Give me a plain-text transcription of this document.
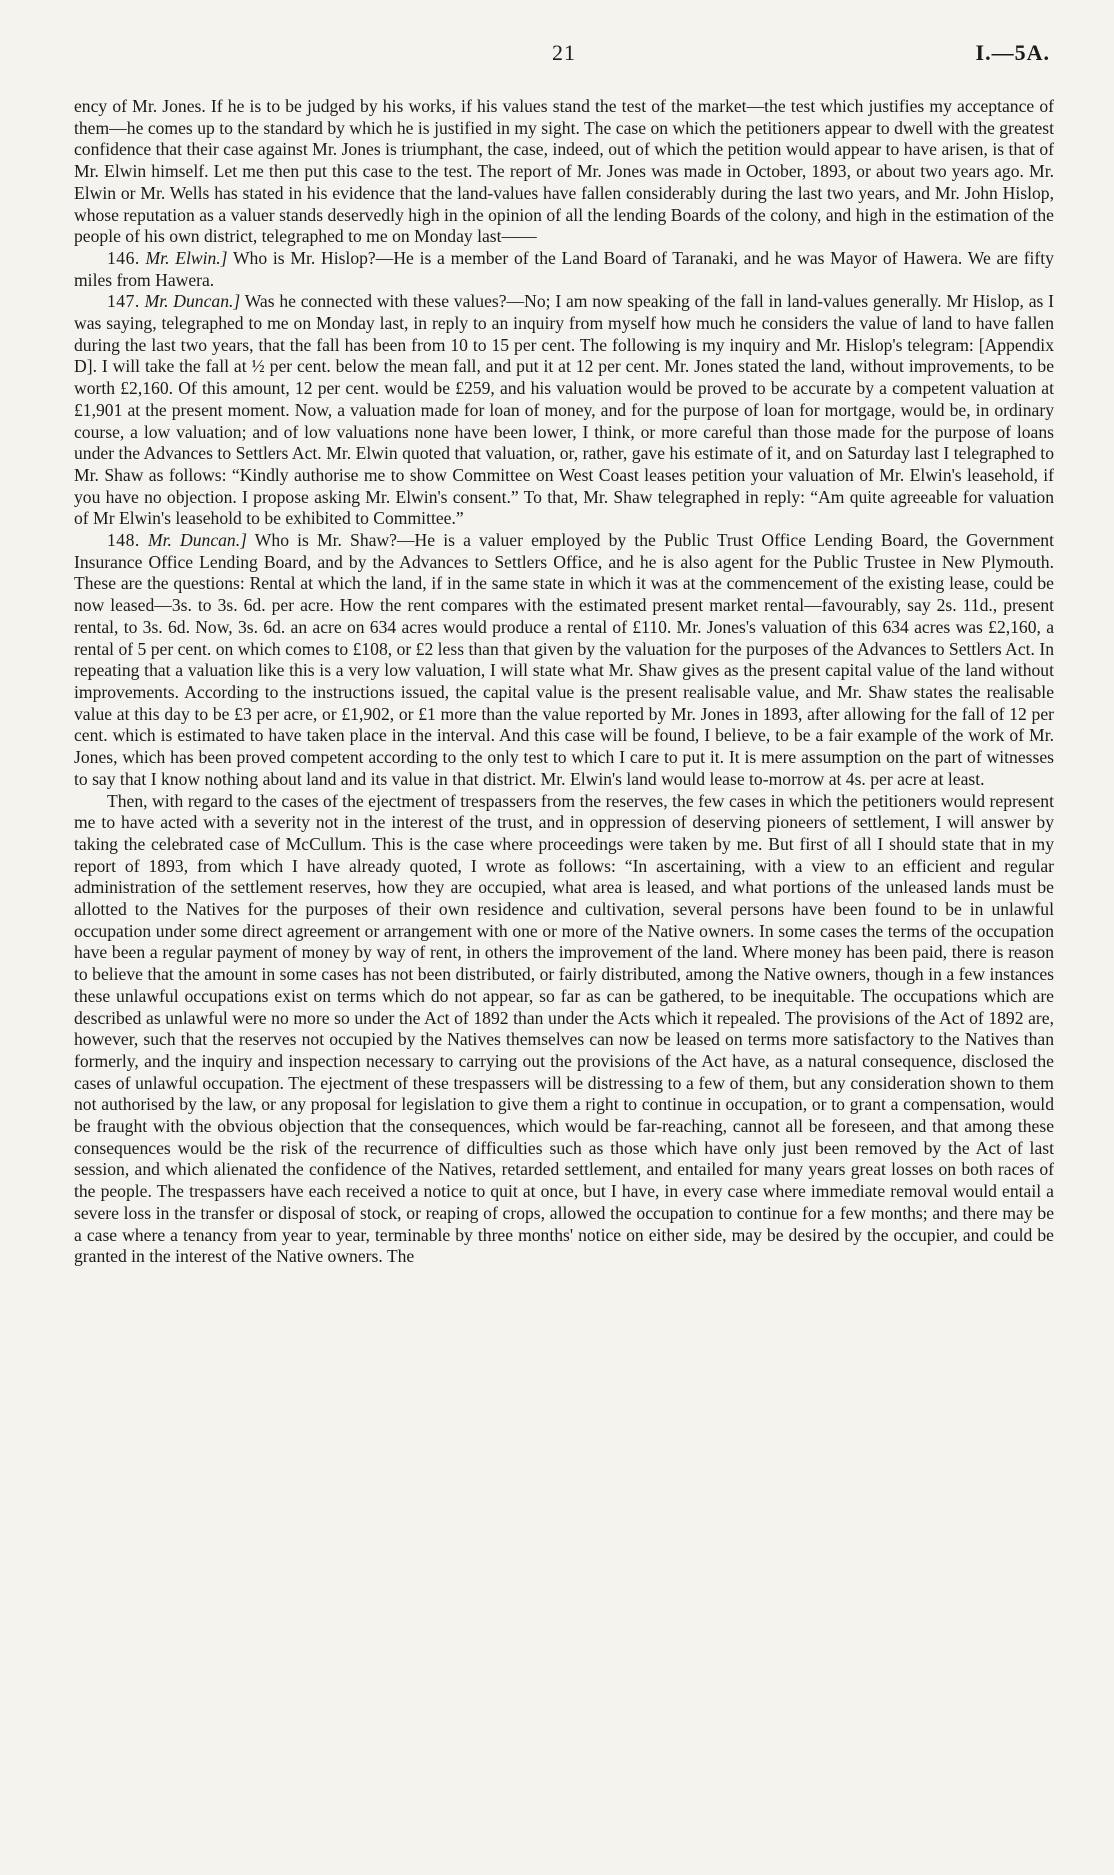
21	I.—5A.

ency of Mr. Jones. If he is to be judged by his works, if his values stand the test of the market—the test which justifies my acceptance of them—he comes up to the standard by which he is justified in my sight. The case on which the petitioners appear to dwell with the greatest confidence that their case against Mr. Jones is triumphant, the case, indeed, out of which the petition would appear to have arisen, is that of Mr. Elwin himself. Let me then put this case to the test. The report of Mr. Jones was made in October, 1893, or about two years ago. Mr. Elwin or Mr. Wells has stated in his evidence that the land-values have fallen considerably during the last two years, and Mr. John Hislop, whose reputation as a valuer stands deservedly high in the opinion of all the lending Boards of the colony, and high in the estimation of the people of his own district, telegraphed to me on Monday last——

146. Mr. Elwin.] Who is Mr. Hislop?—He is a member of the Land Board of Taranaki, and he was Mayor of Hawera. We are fifty miles from Hawera.

147. Mr. Duncan.] Was he connected with these values?—No; I am now speaking of the fall in land-values generally. Mr Hislop, as I was saying, telegraphed to me on Monday last, in reply to an inquiry from myself how much he considers the value of land to have fallen during the last two years, that the fall has been from 10 to 15 per cent. The following is my inquiry and Mr. Hislop's telegram: [Appendix D]. I will take the fall at ½ per cent. below the mean fall, and put it at 12 per cent. Mr. Jones stated the land, without improvements, to be worth £2,160. Of this amount, 12 per cent. would be £259, and his valuation would be proved to be accurate by a competent valuation at £1,901 at the present moment. Now, a valuation made for loan of money, and for the purpose of loan for mortgage, would be, in ordinary course, a low valuation; and of low valuations none have been lower, I think, or more careful than those made for the purpose of loans under the Advances to Settlers Act. Mr. Elwin quoted that valuation, or, rather, gave his estimate of it, and on Saturday last I telegraphed to Mr. Shaw as follows: “Kindly authorise me to show Committee on West Coast leases petition your valuation of Mr. Elwin's leasehold, if you have no objection. I propose asking Mr. Elwin's consent.” To that, Mr. Shaw telegraphed in reply: “Am quite agreeable for valuation of Mr Elwin's leasehold to be exhibited to Committee.”

148. Mr. Duncan.] Who is Mr. Shaw?—He is a valuer employed by the Public Trust Office Lending Board, the Government Insurance Office Lending Board, and by the Advances to Settlers Office, and he is also agent for the Public Trustee in New Plymouth. These are the questions: Rental at which the land, if in the same state in which it was at the commencement of the existing lease, could be now leased—3s. to 3s. 6d. per acre. How the rent compares with the estimated present market rental—favourably, say 2s. 11d., present rental, to 3s. 6d. Now, 3s. 6d. an acre on 634 acres would produce a rental of £110. Mr. Jones's valuation of this 634 acres was £2,160, a rental of 5 per cent. on which comes to £108, or £2 less than that given by the valuation for the purposes of the Advances to Settlers Act. In repeating that a valuation like this is a very low valuation, I will state what Mr. Shaw gives as the present capital value of the land without improvements. According to the instructions issued, the capital value is the present realisable value, and Mr. Shaw states the realisable value at this day to be £3 per acre, or £1,902, or £1 more than the value reported by Mr. Jones in 1893, after allowing for the fall of 12 per cent. which is estimated to have taken place in the interval. And this case will be found, I believe, to be a fair example of the work of Mr. Jones, which has been proved competent according to the only test to which I care to put it. It is mere assumption on the part of witnesses to say that I know nothing about land and its value in that district. Mr. Elwin's land would lease to-morrow at 4s. per acre at least.

Then, with regard to the cases of the ejectment of trespassers from the reserves, the few cases in which the petitioners would represent me to have acted with a severity not in the interest of the trust, and in oppression of deserving pioneers of settlement, I will answer by taking the celebrated case of McCullum. This is the case where proceedings were taken by me. But first of all I should state that in my report of 1893, from which I have already quoted, I wrote as follows: “In ascertaining, with a view to an efficient and regular administration of the settlement reserves, how they are occupied, what area is leased, and what portions of the unleased lands must be allotted to the Natives for the purposes of their own residence and cultivation, several persons have been found to be in unlawful occupation under some direct agreement or arrangement with one or more of the Native owners. In some cases the terms of the occupation have been a regular payment of money by way of rent, in others the improvement of the land. Where money has been paid, there is reason to believe that the amount in some cases has not been distributed, or fairly distributed, among the Native owners, though in a few instances these unlawful occupations exist on terms which do not appear, so far as can be gathered, to be inequitable. The occupations which are described as unlawful were no more so under the Act of 1892 than under the Acts which it repealed. The provisions of the Act of 1892 are, however, such that the reserves not occupied by the Natives themselves can now be leased on terms more satisfactory to the Natives than formerly, and the inquiry and inspection necessary to carrying out the provisions of the Act have, as a natural consequence, disclosed the cases of unlawful occupation. The ejectment of these trespassers will be distressing to a few of them, but any consideration shown to them not authorised by the law, or any proposal for legislation to give them a right to continue in occupation, or to grant a compensation, would be fraught with the obvious objection that the consequences, which would be far-reaching, cannot all be foreseen, and that among these consequences would be the risk of the recurrence of difficulties such as those which have only just been removed by the Act of last session, and which alienated the confidence of the Natives, retarded settlement, and entailed for many years great losses on both races of the people. The trespassers have each received a notice to quit at once, but I have, in every case where immediate removal would entail a severe loss in the transfer or disposal of stock, or reaping of crops, allowed the occupation to continue for a few months; and there may be a case where a tenancy from year to year, terminable by three months' notice on either side, may be desired by the occupier, and could be granted in the interest of the Native owners. The
